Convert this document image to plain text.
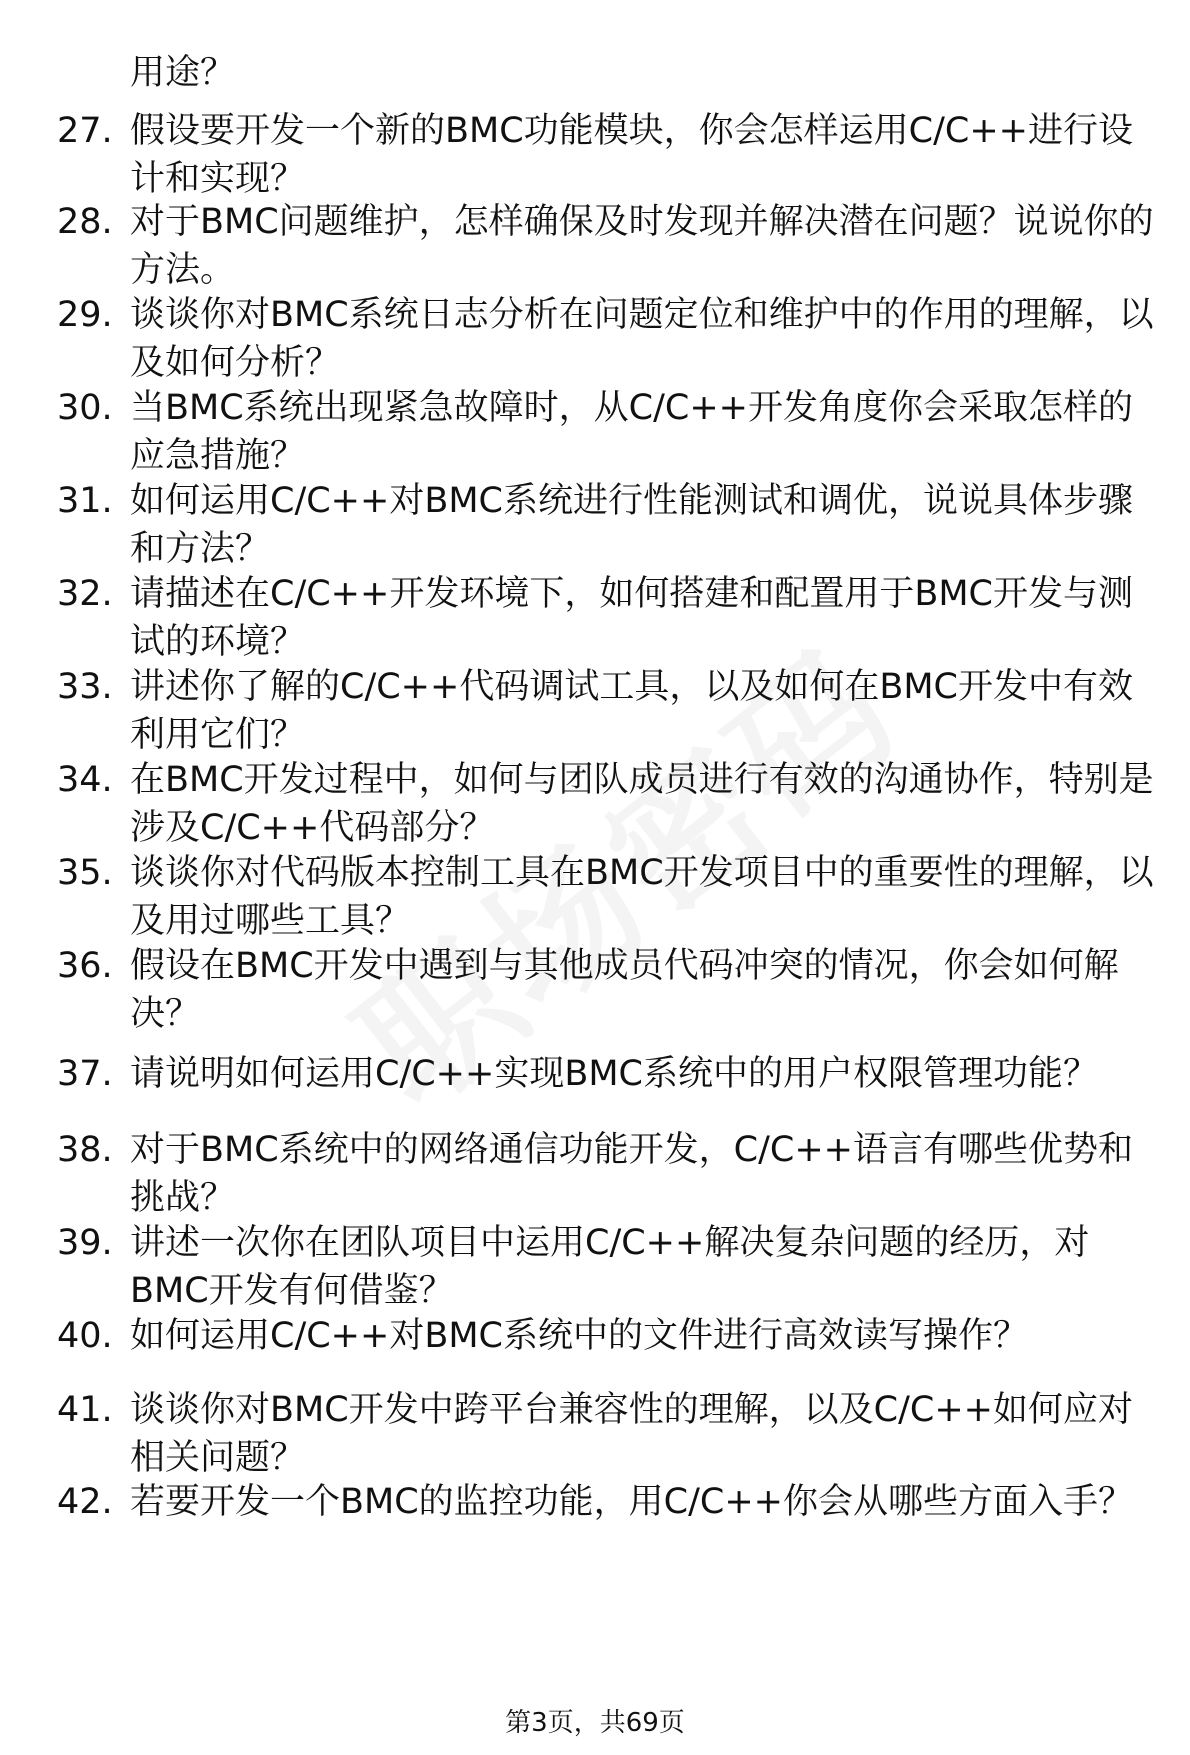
用途？
27. 假设要开发一个新的BMC功能模块，你会怎样运用C/C++进行设计和实现？
28. 对于BMC问题维护，怎样确保及时发现并解决潜在问题？说说你的方法。
29. 谈谈你对BMC系统日志分析在问题定位和维护中的作用的理解，以及如何分析？
30. 当BMC系统出现紧急故障时，从C/C++开发角度你会采取怎样的应急措施？
31. 如何运用C/C++对BMC系统进行性能测试和调优，说说具体步骤和方法？
32. 请描述在C/C++开发环境下，如何搭建和配置用于BMC开发与测试的环境？
33. 讲述你了解的C/C++代码调试工具，以及如何在BMC开发中有效利用它们？
34. 在BMC开发过程中，如何与团队成员进行有效的沟通协作，特别是涉及C/C++代码部分？
35. 谈谈你对代码版本控制工具在BMC开发项目中的重要性的理解，以及用过哪些工具？
36. 假设在BMC开发中遇到与其他成员代码冲突的情况，你会如何解决？
37. 请说明如何运用C/C++实现BMC系统中的用户权限管理功能？
38. 对于BMC系统中的网络通信功能开发，C/C++语言有哪些优势和挑战？
39. 讲述一次你在团队项目中运用C/C++解决复杂问题的经历，对BMC开发有何借鉴？
40. 如何运用C/C++对BMC系统中的文件进行高效读写操作？
41. 谈谈你对BMC开发中跨平台兼容性的理解，以及C/C++如何应对相关问题？
42. 若要开发一个BMC的监控功能，用C/C++你会从哪些方面入手？
第3页，共69页
